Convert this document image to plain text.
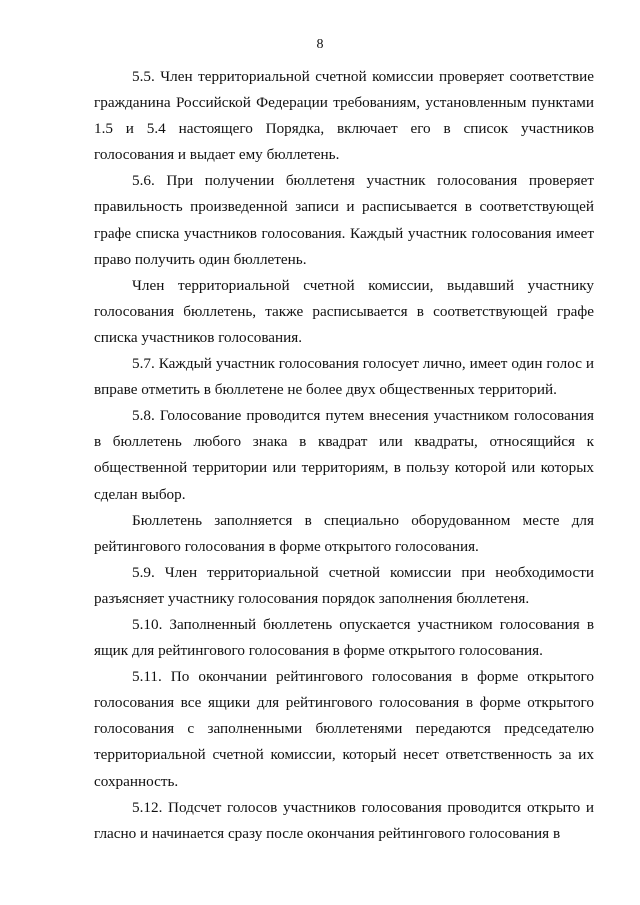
8

5.5. Член территориальной счетной комиссии проверяет соответствие гражданина Российской Федерации требованиям, установленным пунктами 1.5 и 5.4 настоящего Порядка, включает его в список участников голосования и выдает ему бюллетень.

5.6. При получении бюллетеня участник голосования проверяет правильность произведенной записи и расписывается в соответствующей графе списка участников голосования. Каждый участник голосования имеет право получить один бюллетень.

Член территориальной счетной комиссии, выдавший участнику голосования бюллетень, также расписывается в соответствующей графе списка участников голосования.

5.7. Каждый участник голосования голосует лично, имеет один голос и вправе отметить в бюллетене не более двух общественных территорий.

5.8. Голосование проводится путем внесения участником голосования в бюллетень любого знака в квадрат или квадраты, относящийся к общественной территории или территориям, в пользу которой или которых сделан выбор.

Бюллетень заполняется в специально оборудованном месте для рейтингового голосования в форме открытого голосования.

5.9. Член территориальной счетной комиссии при необходимости разъясняет участнику голосования порядок заполнения бюллетеня.

5.10. Заполненный бюллетень опускается участником голосования в ящик для рейтингового голосования в форме открытого голосования.

5.11. По окончании рейтингового голосования в форме открытого голосования все ящики для рейтингового голосования в форме открытого голосования с заполненными бюллетенями передаются председателю территориальной счетной комиссии, который несет ответственность за их сохранность.

5.12. Подсчет голосов участников голосования проводится открыто и гласно и начинается сразу после окончания рейтингового голосования в
